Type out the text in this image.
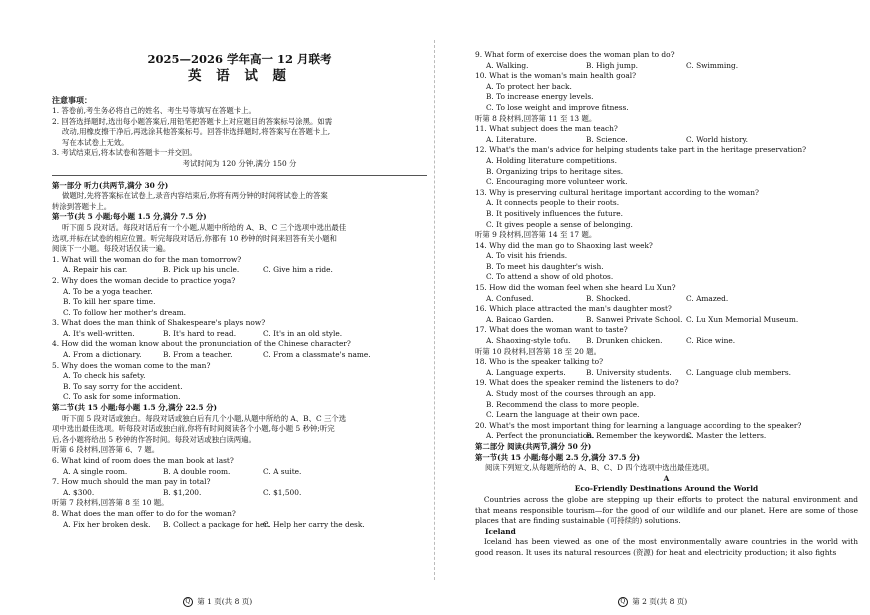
2025—2026 学年高一 12 月联考
英 语 试 题
注意事项：
1. 答卷前,考生务必将自己的姓名、考生号等填写在答题卡上。
2. 回答选择题时,选出每小题答案后,用铅笔把答题卡上对应题目的答案标号涂黑。如需
改动,用橡皮擦干净后,再选涂其他答案标号。回答非选择题时,将答案写在答题卡上,
写在本试卷上无效。
3. 考试结束后,将本试卷和答题卡一并交回。
考试时间为 120 分钟,满分 150 分
第一部分 听力(共两节,满分 30 分)
做题时,先将答案标在试卷上,录音内容结束后,你将有两分钟的时间将试卷上的答案
转涂到答题卡上。
第一节(共 5 小题;每小题 1.5 分,满分 7.5 分)
听下面 5 段对话。每段对话后有一个小题,从题中所给的 A、B、C 三个选项中选出最佳
选项,并标在试卷的相应位置。听完每段对话后,你都有 10 秒钟的时间来回答有关小题和
阅读下一小题。每段对话仅读一遍。
1. What will the woman do for the man tomorrow?
A. Repair his car.	B. Pick up his uncle.	C. Give him a ride.
2. Why does the woman decide to practice yoga?
A. To be a yoga teacher.
B. To kill her spare time.
C. To follow her mother's dream.
3. What does the man think of Shakespeare's plays now?
A. It's well-written.	B. It's hard to read.	C. It's in an old style.
4. How did the woman know about the pronunciation of the Chinese character?
A. From a dictionary.	B. From a teacher.	C. From a classmate's name.
5. Why does the woman come to the man?
A. To check his safety.
B. To say sorry for the accident.
C. To ask for some information.
第二节(共 15 小题;每小题 1.5 分,满分 22.5 分)
听下面 5 段对话或独白。每段对话或独白后有几个小题,从题中所给的 A、B、C 三个选
项中选出最佳选项。听每段对话或独白前,你将有时间阅读各个小题,每小题 5 秒钟;听完
后,各小题将给出 5 秒钟的作答时间。每段对话或独白读两遍。
听第 6 段材料,回答第 6、7 题。
6. What kind of room does the man book at last?
A. A single room.	B. A double room.	C. A suite.
7. How much should the man pay in total?
A. $300.	B. $1,200.	C. $1,500.
听第 7 段材料,回答第 8 至 10 题。
8. What does the man offer to do for the woman?
A. Fix her broken desk.	B. Collect a package for her.
C. Help her carry the desk.
Q 第 1 页(共 8 页)
9. What form of exercise does the woman plan to do?
A. Walking.	B. High jump.	C. Swimming.
10. What is the woman's main health goal?
A. To protect her back.
B. To increase energy levels.
C. To lose weight and improve fitness.
听第 8 段材料,回答第 11 至 13 题。
11. What subject does the man teach?
A. Literature.	B. Science.	C. World history.
12. What's the man's advice for helping students take part in the heritage preservation?
A. Holding literature competitions.
B. Organizing trips to heritage sites.
C. Encouraging more volunteer work.
13. Why is preserving cultural heritage important according to the woman?
A. It connects people to their roots.
B. It positively influences the future.
C. It gives people a sense of belonging.
听第 9 段材料,回答第 14 至 17 题。
14. Why did the man go to Shaoxing last week?
A. To visit his friends.
B. To meet his daughter's wish.
C. To attend a show of old photos.
15. How did the woman feel when she heard Lu Xun?
A. Confused.	B. Shocked.	C. Amazed.
16. Which place attracted the man's daughter most?
A. Baicao Garden.	B. Sanwei Private School. C. Lu Xun Memorial Museum.
17. What does the woman want to taste?
A. Shaoxing-style tofu.	B. Drunken chicken.	C. Rice wine.
听第 10 段材料,回答第 18 至 20 题。
18. Who is the speaker talking to?
A. Language experts.	B. University students.	C. Language club members.
19. What does the speaker remind the listeners to do?
A. Study most of the courses through an app.
B. Recommend the class to more people.
C. Learn the language at their own pace.
20. What's the most important thing for learning a language according to the speaker?
A. Perfect the pronunciation.
B. Remember the keywords.
C. Master the letters.
第二部分 阅读(共两节,满分 50 分)
第一节(共 15 小题;每小题 2.5 分,满分 37.5 分)
阅读下列短文,从每题所给的 A、B、C、D 四个选项中选出最佳选项。
A
Eco-Friendly Destinations Around the World
Countries across the globe are stepping up their efforts to protect the natural environment and that means responsible tourism—for the good of our wildlife and our planet. Here are some of those places that are finding sustainable (可持续的) solutions.
Iceland
Iceland has been viewed as one of the most environmentally aware countries in the world with good reason. It uses its natural resources (资源) for heat and electricity production; it also fights
Q 第 2 页(共 8 页)
